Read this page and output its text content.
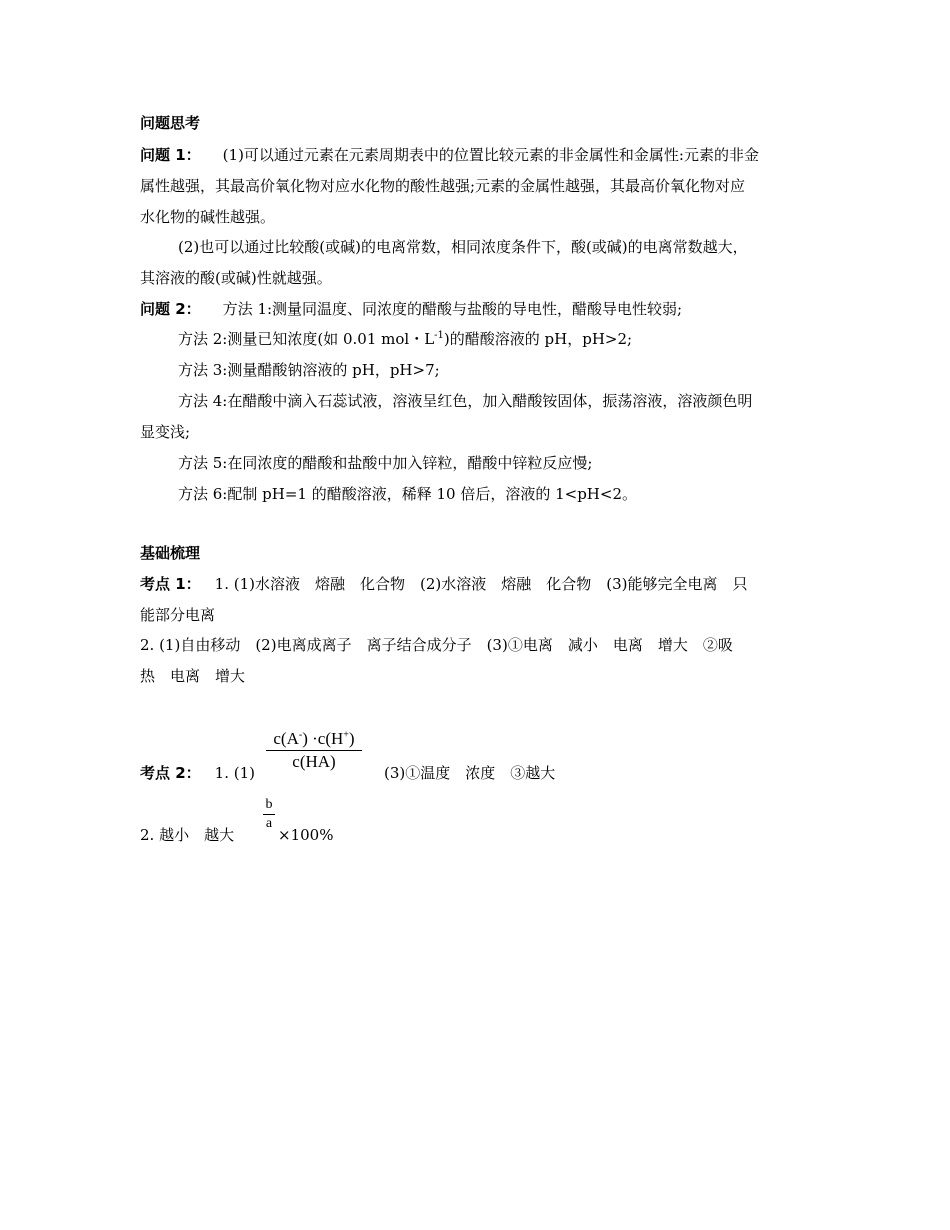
问题思考
问题 1： (1)可以通过元素在元素周期表中的位置比较元素的非金属性和金属性:元素的非金
属性越强，其最高价氧化物对应水化物的酸性越强;元素的金属性越强，其最高价氧化物对应
水化物的碱性越强。
(2)也可以通过比较酸(或碱)的电离常数，相同浓度条件下，酸(或碱)的电离常数越大，
其溶液的酸(或碱)性就越强。
问题 2： 方法 1:测量同温度、同浓度的醋酸与盐酸的导电性，醋酸导电性较弱;
方法 2:测量已知浓度(如 0.01 mol・$L^{-1}$)的醋酸溶液的 pH，pH>2;
方法 3:测量醋酸钠溶液的 pH，pH>7;
方法 4:在醋酸中滴入石蕊试液，溶液呈红色，加入醋酸铵固体，振荡溶液，溶液颜色明
显变浅;
方法 5:在同浓度的醋酸和盐酸中加入锌粒，醋酸中锌粒反应慢;
方法 6:配制 pH=1 的醋酸溶液，稀释 10 倍后，溶液的 1<pH<2。
基础梳理
考点 1： 1. (1)水溶液　熔融　化合物　(2)水溶液　熔融　化合物　(3)能够完全电离　只
能部分电离
2. (1)自由移动　(2)电离成离子　离子结合成分子　(3)①电离　减小　电离　增大　②吸
热　电离　增大
考点 2： 1. (1)
c(A-) ·c(H+)
c(HA)
(3)①温度　浓度　③越大
2. 越小　越大
b
a
×100%
